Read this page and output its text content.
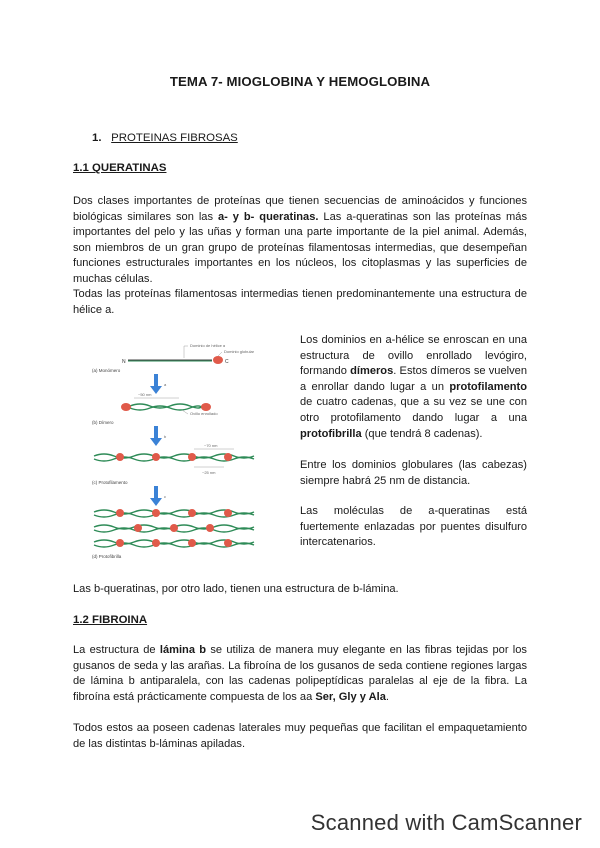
TEMA 7- MIOGLOBINA Y HEMOGLOBINA
1. PROTEINAS FIBROSAS
1.1 QUERATINAS
Dos clases importantes de proteínas que tienen secuencias de aminoácidos y funciones biológicas similares son las a- y b- queratinas. Las a-queratinas son las proteínas más importantes del pelo y las uñas y forman una parte importante de la piel animal. Además, son miembros de un gran grupo de proteínas filamentosas intermedias, que desempeñan funciones estructurales importantes en los núcleos, los citoplasmas y las superficies de muchas células.
Todas las proteínas filamentosas intermedias tienen predominantemente una estructura de hélice a.
N	C
Dominio de hélice α
Dominio globular
(a) Monómero
a
~50 nm
Ovillo enrollado
(b) Dímero
b
~70 nm
~25 nm
(c) Protofilamento
c
(d) Protofibrilla
Los dominios en a-hélice se enroscan en una estructura de ovillo enrollado levógiro, formando dímeros. Estos dímeros se vuelven a enrollar dando lugar a un protofilamento de cuatro cadenas, que a su vez se une con otro protofilamento dando lugar a una protofibrilla (que tendrá 8 cadenas).
Entre los dominios globulares (las cabezas) siempre habrá 25 nm de distancia.
Las moléculas de a-queratinas está fuertemente enlazadas por puentes disulfuro intercatenarios.
Las b-queratinas, por otro lado, tienen una estructura de b-lámina.
1.2 FIBROINA
La estructura de lámina b se utiliza de manera muy elegante en las fibras tejidas por los gusanos de seda y las arañas. La fibroína de los gusanos de seda contiene regiones largas de lámina b antiparalela, con las cadenas polipeptídicas paralelas al eje de la fibra. La fibroína está prácticamente compuesta de los aa Ser, Gly y Ala.
Todos estos aa poseen cadenas laterales muy pequeñas que facilitan el empaquetamiento de las distintas b-láminas apiladas.
Scanned with CamScanner
